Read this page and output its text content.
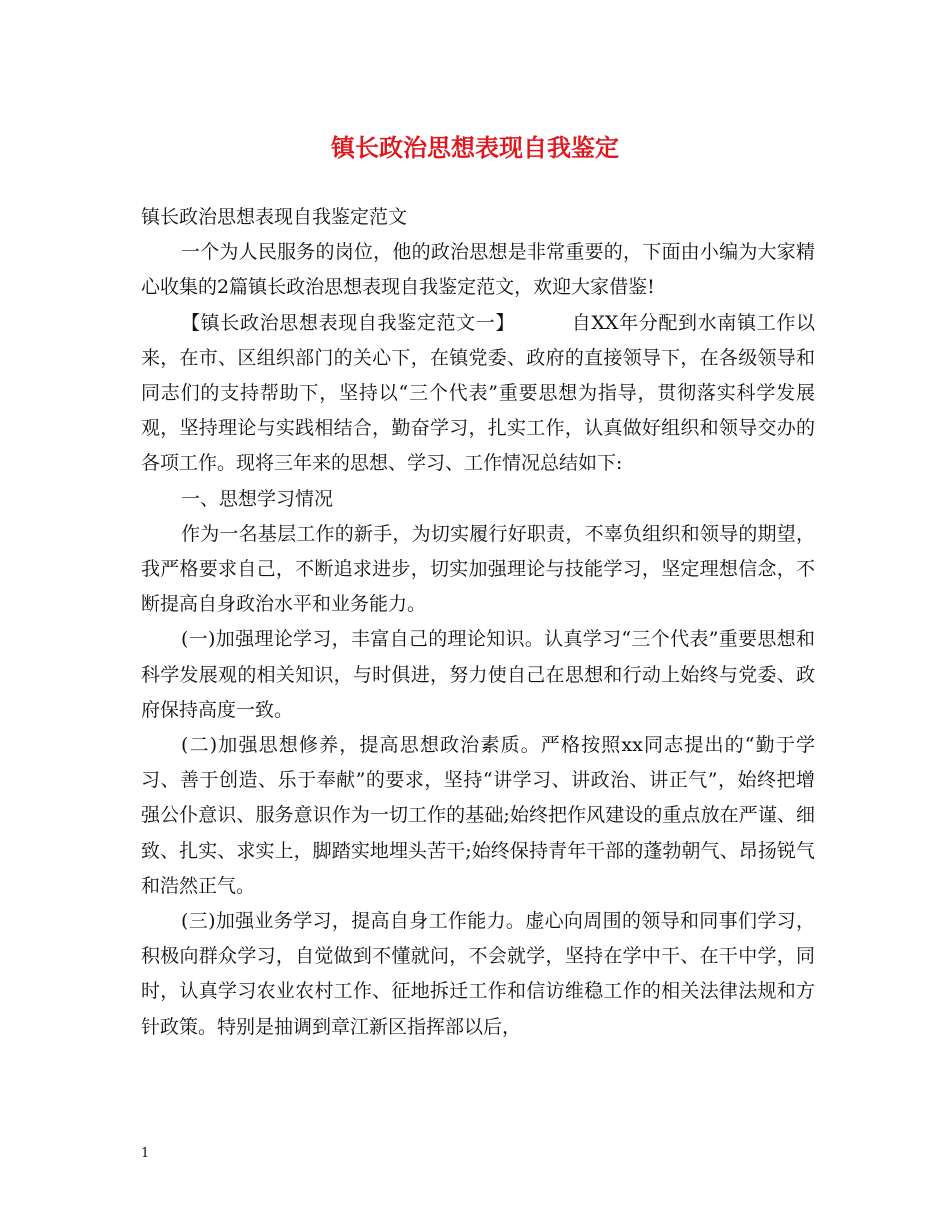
镇长政治思想表现自我鉴定

镇长政治思想表现自我鉴定范文

一个为人民服务的岗位，他的政治思想是非常重要的，下面由小编为大家精心收集的2篇镇长政治思想表现自我鉴定范文，欢迎大家借鉴!

【镇长政治思想表现自我鉴定范文一】	自XX年分配到水南镇工作以来，在市、区组织部门的关心下，在镇党委、政府的直接领导下，在各级领导和同志们的支持帮助下，坚持以“三个代表”重要思想为指导，贯彻落实科学发展观，坚持理论与实践相结合，勤奋学习，扎实工作，认真做好组织和领导交办的各项工作。现将三年来的思想、学习、工作情况总结如下:

一、思想学习情况

作为一名基层工作的新手，为切实履行好职责，不辜负组织和领导的期望，我严格要求自己，不断追求进步，切实加强理论与技能学习，坚定理想信念，不断提高自身政治水平和业务能力。

(一)加强理论学习，丰富自己的理论知识。认真学习“三个代表”重要思想和科学发展观的相关知识，与时俱进，努力使自己在思想和行动上始终与党委、政府保持高度一致。

(二)加强思想修养，提高思想政治素质。严格按照xx同志提出的“勤于学习、善于创造、乐于奉献”的要求，坚持“讲学习、讲政治、讲正气”，始终把增强公仆意识、服务意识作为一切工作的基础;始终把作风建设的重点放在严谨、细致、扎实、求实上，脚踏实地埋头苦干;始终保持青年干部的蓬勃朝气、昂扬锐气和浩然正气。

(三)加强业务学习，提高自身工作能力。虚心向周围的领导和同事们学习，积极向群众学习，自觉做到不懂就问，不会就学，坚持在学中干、在干中学，同时，认真学习农业农村工作、征地拆迁工作和信访维稳工作的相关法律法规和方针政策。特别是抽调到章江新区指挥部以后，

1
